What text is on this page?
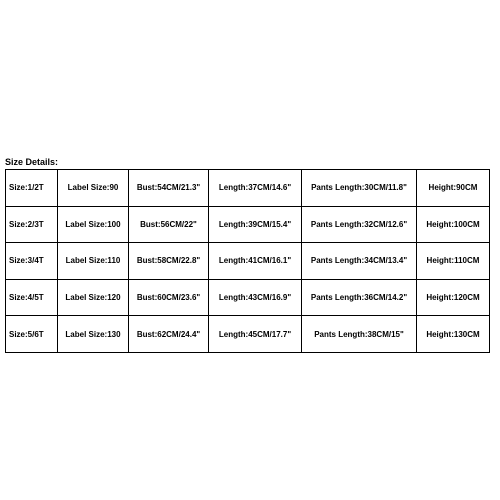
Size Details:
Size:1/2T	Label Size:90	Bust:54CM/21.3"	Length:37CM/14.6"	Pants Length:30CM/11.8"	Height:90CM
Size:2/3T	Label Size:100	Bust:56CM/22"	Length:39CM/15.4"	Pants Length:32CM/12.6"	Height:100CM
Size:3/4T	Label Size:110	Bust:58CM/22.8"	Length:41CM/16.1"	Pants Length:34CM/13.4"	Height:110CM
Size:4/5T	Label Size:120	Bust:60CM/23.6"	Length:43CM/16.9"	Pants Length:36CM/14.2"	Height:120CM
Size:5/6T	Label Size:130	Bust:62CM/24.4"	Length:45CM/17.7"	Pants Length:38CM/15"	Height:130CM
